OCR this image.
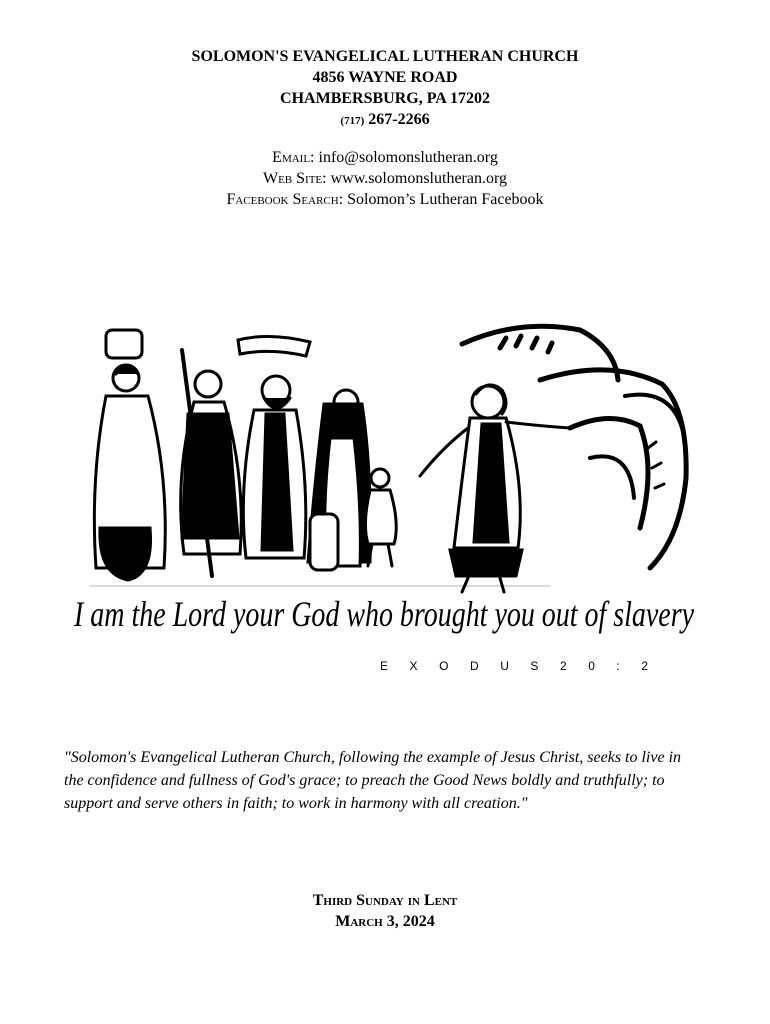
SOLOMON'S EVANGELICAL LUTHERAN CHURCH
4856 WAYNE ROAD
CHAMBERSBURG, PA 17202
(717) 267-2266
Email: info@solomonslutheran.org
Web Site: www.solomonslutheran.org
Facebook Search: Solomon’s Lutheran Facebook
I am the Lord your God who brought you out of slavery
E X O D U S 2 0 : 2
"Solomon's Evangelical Lutheran Church, following the example of Jesus Christ, seeks to live in the confidence and fullness of God's grace; to preach the Good News boldly and truthfully; to support and serve others in faith; to work in harmony with all creation."
Third Sunday in Lent
March 3, 2024
